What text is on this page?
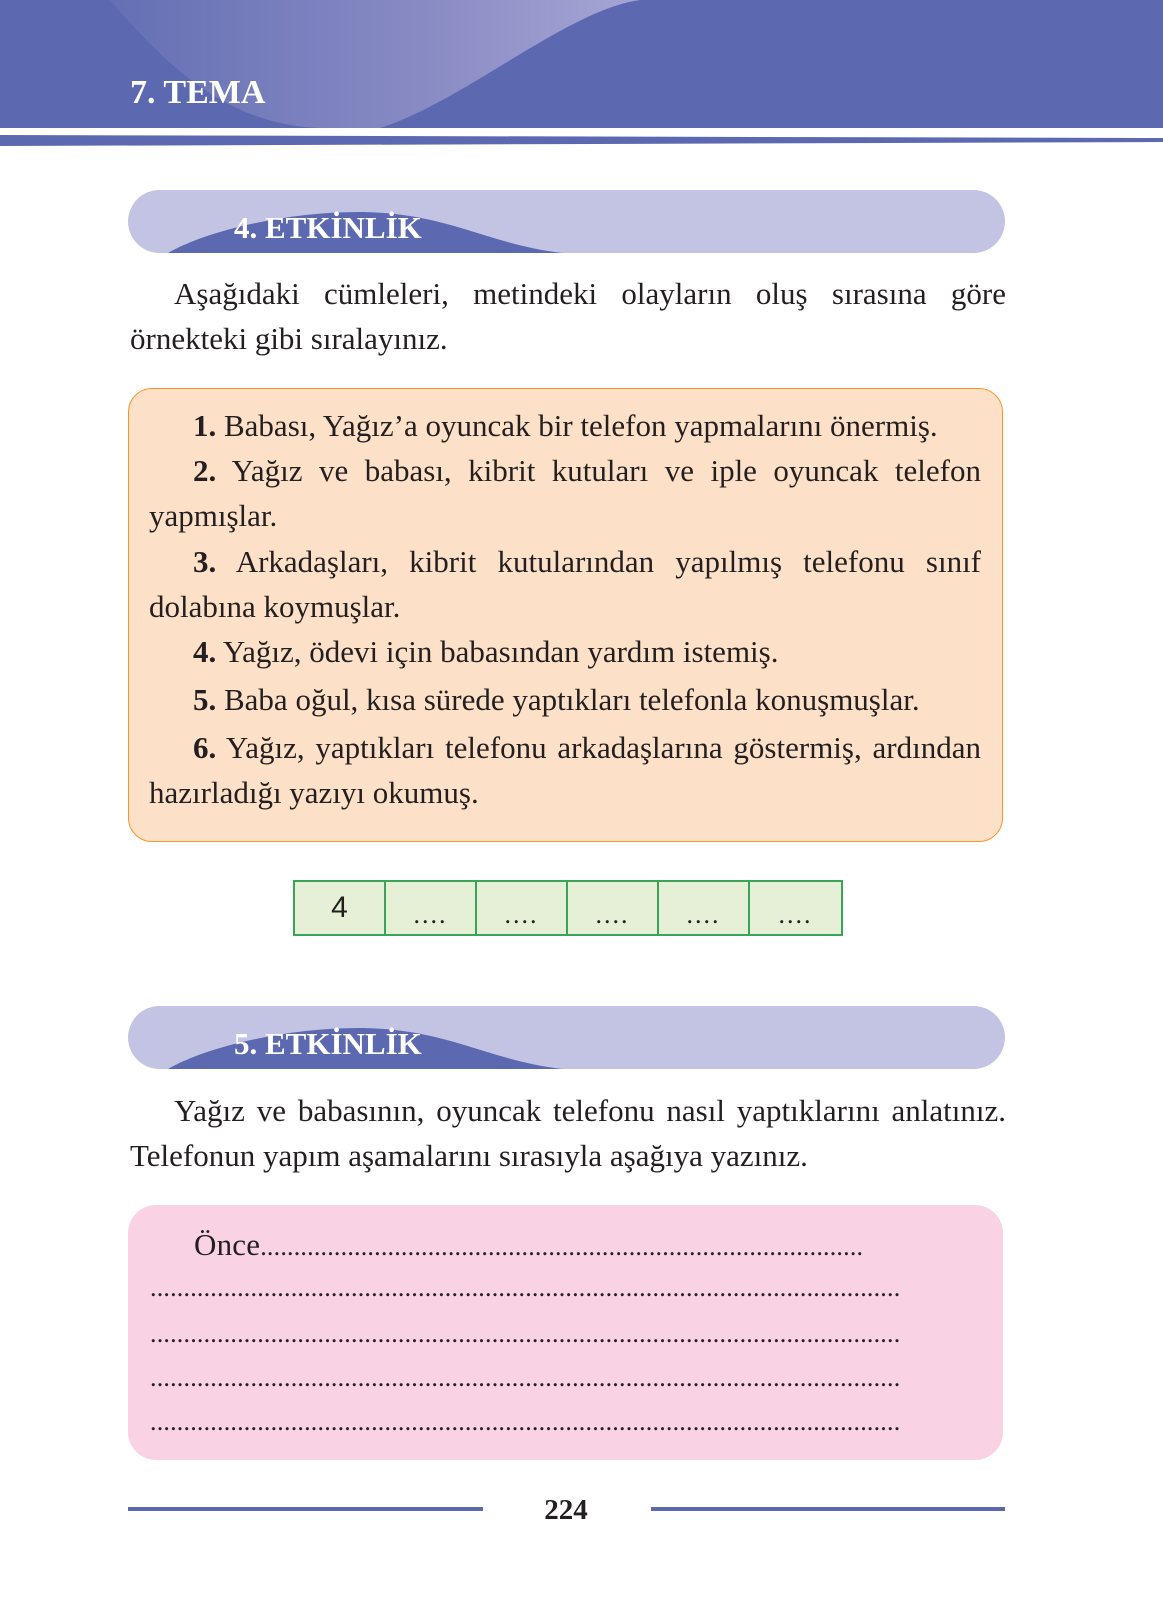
7. TEMA
4. ETKİNLİK
Aşağıdaki cümleleri, metindeki olayların oluş sırasına göre örnekteki gibi sıralayınız.
1. Babası, Yağız’a oyuncak bir telefon yapmalarını önermiş.
2. Yağız ve babası, kibrit kutuları ve iple oyuncak telefon yapmışlar.
3. Arkadaşları, kibrit kutularından yapılmış telefonu sınıf dolabına koymuşlar.
4. Yağız, ödevi için babasından yardım istemiş.
5. Baba oğul, kısa sürede yaptıkları telefonla konuşmuşlar.
6. Yağız, yaptıkları telefonu arkadaşlarına göstermiş, ardından hazırladığı yazıyı okumuş.
4	....	....	....	....	....
5. ETKİNLİK
Yağız ve babasının, oyuncak telefonu nasıl yaptıklarını anlatınız. Telefonun yapım aşamalarını sırasıyla aşağıya yazınız.
Önce..........................................................................................
................................................................................................................
................................................................................................................
................................................................................................................
................................................................................................................
224
